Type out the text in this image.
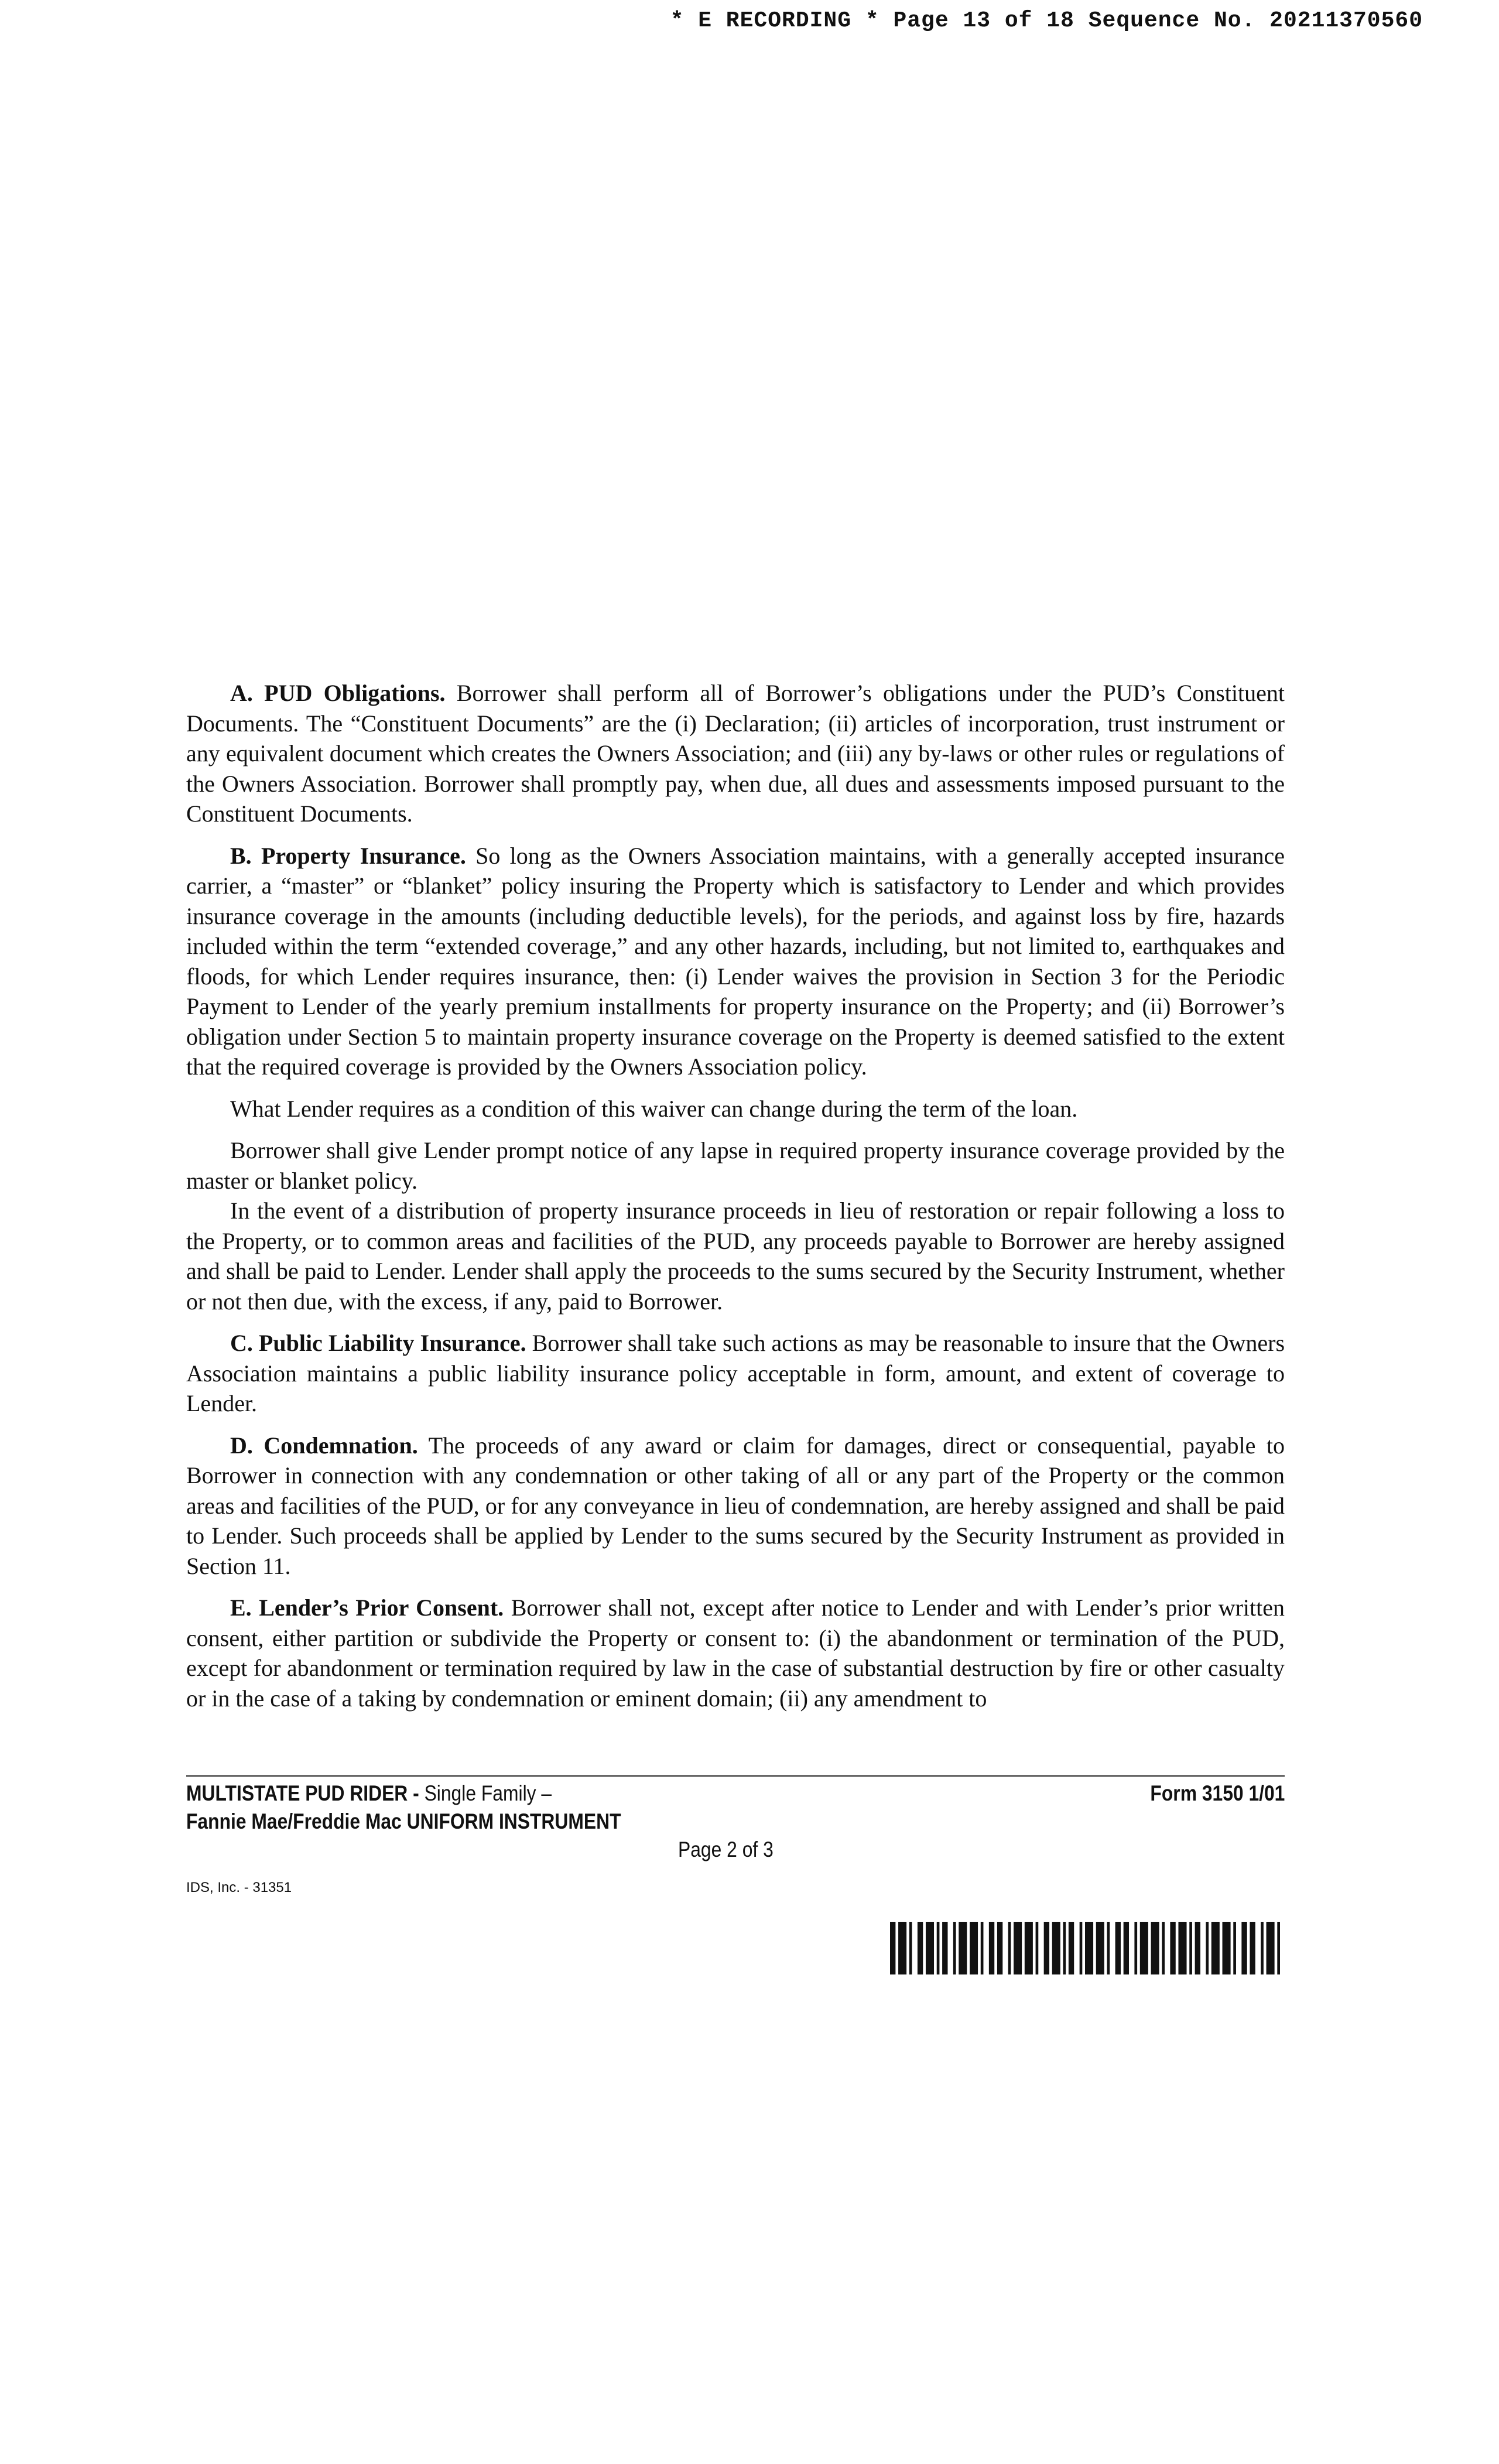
* E RECORDING * Page 13 of 18 Sequence No. 20211370560

A. PUD Obligations. Borrower shall perform all of Borrower’s obligations under the PUD’s Constituent Documents. The “Constituent Documents” are the (i) Declaration; (ii) articles of incorporation, trust instrument or any equivalent document which creates the Owners Association; and (iii) any by-laws or other rules or regulations of the Owners Association. Borrower shall promptly pay, when due, all dues and assessments imposed pursuant to the Constituent Documents.

B. Property Insurance. So long as the Owners Association maintains, with a generally accepted insurance carrier, a “master” or “blanket” policy insuring the Property which is satisfactory to Lender and which provides insurance coverage in the amounts (including deductible levels), for the periods, and against loss by fire, hazards included within the term “extended coverage,” and any other hazards, including, but not limited to, earthquakes and floods, for which Lender requires insurance, then: (i) Lender waives the provision in Section 3 for the Periodic Payment to Lender of the yearly premium installments for property insurance on the Property; and (ii) Borrower’s obligation under Section 5 to maintain property insurance coverage on the Property is deemed satisfied to the extent that the required coverage is provided by the Owners Association policy.

What Lender requires as a condition of this waiver can change during the term of the loan.

Borrower shall give Lender prompt notice of any lapse in required property insurance coverage provided by the master or blanket policy.

In the event of a distribution of property insurance proceeds in lieu of restoration or repair following a loss to the Property, or to common areas and facilities of the PUD, any proceeds payable to Borrower are hereby assigned and shall be paid to Lender. Lender shall apply the proceeds to the sums secured by the Security Instrument, whether or not then due, with the excess, if any, paid to Borrower.

C. Public Liability Insurance. Borrower shall take such actions as may be reasonable to insure that the Owners Association maintains a public liability insurance policy acceptable in form, amount, and extent of coverage to Lender.

D. Condemnation. The proceeds of any award or claim for damages, direct or consequential, payable to Borrower in connection with any condemnation or other taking of all or any part of the Property or the common areas and facilities of the PUD, or for any conveyance in lieu of condemnation, are hereby assigned and shall be paid to Lender. Such proceeds shall be applied by Lender to the sums secured by the Security Instrument as provided in Section 11.

E. Lender’s Prior Consent. Borrower shall not, except after notice to Lender and with Lender’s prior written consent, either partition or subdivide the Property or consent to: (i) the abandonment or termination of the PUD, except for abandonment or termination required by law in the case of substantial destruction by fire or other casualty or in the case of a taking by condemnation or eminent domain; (ii) any amendment to

MULTISTATE PUD RIDER - Single Family –
Fannie Mae/Freddie Mac UNIFORM INSTRUMENT
Form 3150 1/01
Page 2 of 3
IDS, Inc. - 31351
